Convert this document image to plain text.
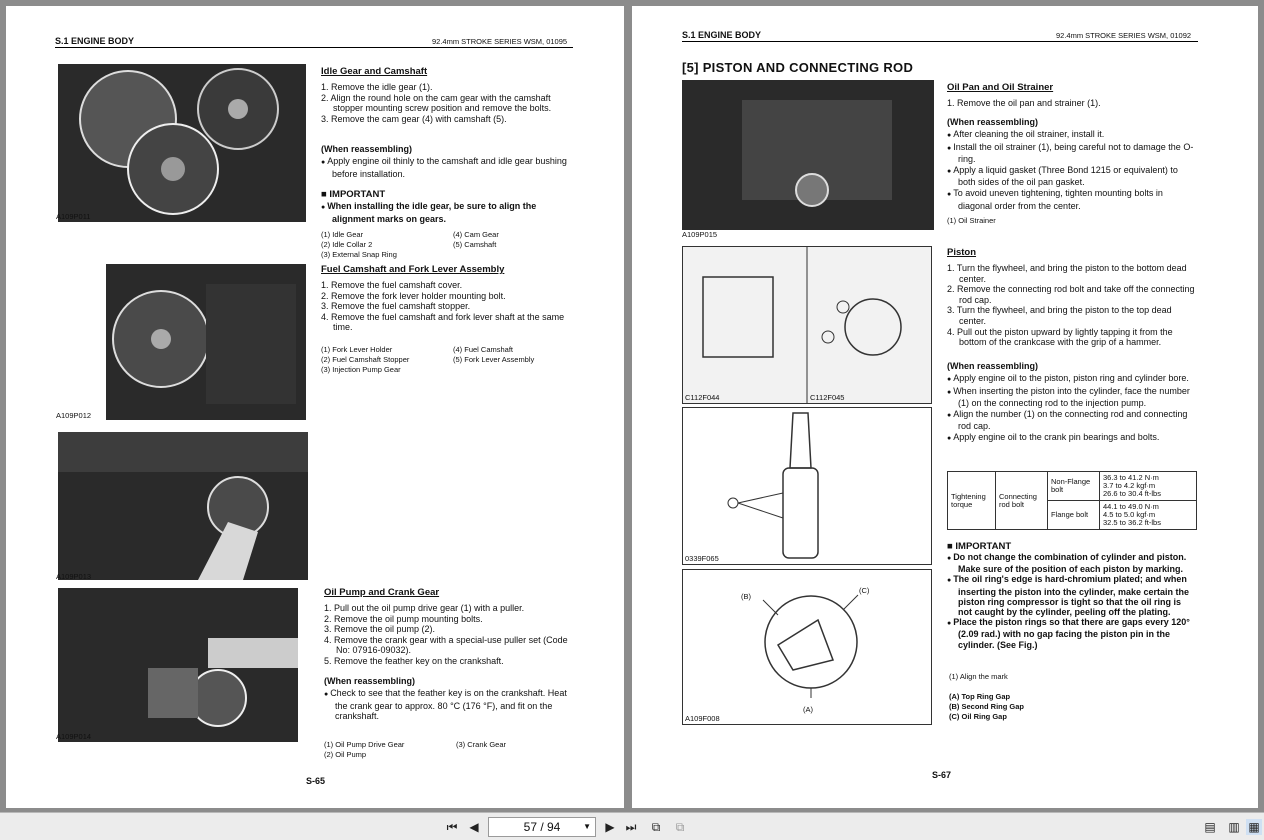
S.1 ENGINE BODY	92.4mm STROKE SERIES WSM, 01095
A109P011
Idle Gear and Camshaft
1. Remove the idle gear (1).
2. Align the round hole on the cam gear with the camshaft stopper mounting screw position and remove the bolts.
3. Remove the cam gear (4) with camshaft (5).
(When reassembling)
● Apply engine oil thinly to the camshaft and idle gear bushing before installation.
■ IMPORTANT
● When installing the idle gear, be sure to align the alignment marks on gears.
(1) Idle Gear	(4) Cam Gear
(2) Idle Collar 2	(5) Camshaft
(3) External Snap Ring
A109P012
Fuel Camshaft and Fork Lever Assembly
1. Remove the fuel camshaft cover.
2. Remove the fork lever holder mounting bolt.
3. Remove the fuel camshaft stopper.
4. Remove the fuel camshaft and fork lever shaft at the same time.
(1) Fork Lever Holder	(4) Fuel Camshaft
(2) Fuel Camshaft Stopper	(5) Fork Lever Assembly
(3) Injection Pump Gear
A109P013
A109P014
Oil Pump and Crank Gear
1. Pull out the oil pump drive gear (1) with a puller.
2. Remove the oil pump mounting bolts.
3. Remove the oil pump (2).
4. Remove the crank gear with a special-use puller set (Code No: 07916-09032).
5. Remove the feather key on the crankshaft.
(When reassembling)
● Check to see that the feather key is on the crankshaft. Heat the crank gear to approx. 80 °C (176 °F), and fit on the crankshaft.
(1) Oil Pump Drive Gear	(3) Crank Gear
(2) Oil Pump
S-65
S.1 ENGINE BODY	92.4mm STROKE SERIES WSM, 01092
[5] PISTON AND CONNECTING ROD
A109P015
Oil Pan and Oil Strainer
1. Remove the oil pan and strainer (1).
(When reassembling)
● After cleaning the oil strainer, install it.
● Install the oil strainer (1), being careful not to damage the O-ring.
● Apply a liquid gasket (Three Bond 1215 or equivalent) to both sides of the oil pan gasket.
● To avoid uneven tightening, tighten mounting bolts in diagonal order from the center.
(1) Oil Strainer
C112F044	C112F045
0339F065
(B)
(C)
(A)
A109F008
Piston
1. Turn the flywheel, and bring the piston to the bottom dead center.
2. Remove the connecting rod bolt and take off the connecting rod cap.
3. Turn the flywheel, and bring the piston to the top dead center.
4. Pull out the piston upward by lightly tapping it from the bottom of the crankcase with the grip of a hammer.
(When reassembling)
● Apply engine oil to the piston, piston ring and cylinder bore.
● When inserting the piston into the cylinder, face the number (1) on the connecting rod to the injection pump.
● Align the number (1) on the connecting rod and connecting rod cap.
● Apply engine oil to the crank pin bearings and bolts.
Tightening torque	Connecting rod bolt	Non-Flange bolt	36.3 to 41.2 N·m
3.7 to 4.2 kgf·m
26.6 to 30.4 ft-lbs
		Flange bolt	44.1 to 49.0 N·m
4.5 to 5.0 kgf·m
32.5 to 36.2 ft-lbs
■ IMPORTANT
● Do not change the combination of cylinder and piston. Make sure of the position of each piston by marking.
● The oil ring's edge is hard-chromium plated; and when inserting the piston into the cylinder, make certain the piston ring compressor is tight so that the oil ring is not caught by the cylinder, peeling off the plating.
● Place the piston rings so that there are gaps every 120° (2.09 rad.) with no gap facing the piston pin in the cylinder. (See Fig.)
(1) Align the mark
(A) Top Ring Gap
(B) Second Ring Gap
(C) Oil Ring Gap
S-67
⏮ ◀	57 / 94	▼ ▶ ⏭	⧉	⧉	▤ ▥ ▦
